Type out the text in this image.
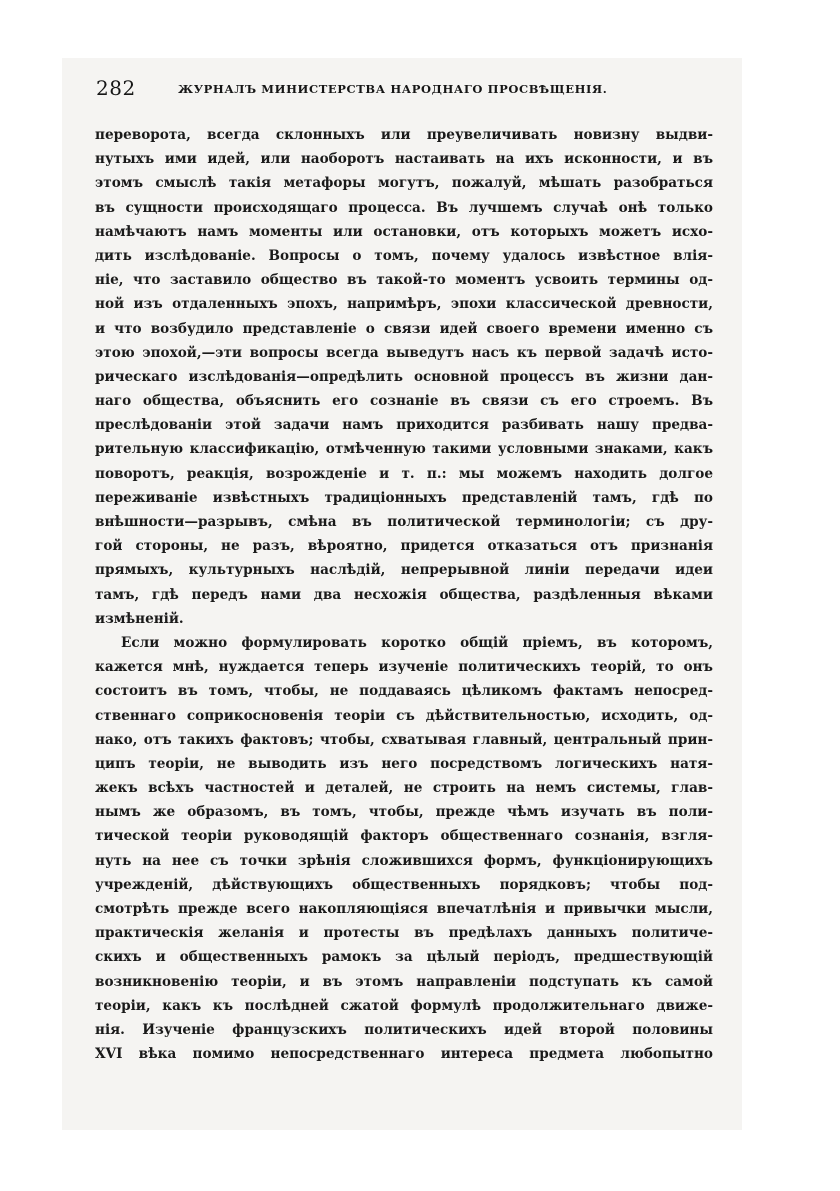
282	ЖУРНАЛЪ МИНИСТЕРСТВА НАРОДНАГО ПРОСВѢЩЕНІЯ.
переворота, всегда склонныхъ или преувеличивать новизну выдви-
нутыхъ ими идей, или наоборотъ настаивать на ихъ исконности, и въ
этомъ смыслѣ такія метафоры могутъ, пожалуй, мѣшать разобраться
въ сущности происходящаго процесса. Въ лучшемъ случаѣ онѣ только
намѣчаютъ намъ моменты или остановки, отъ которыхъ можетъ исхо-
дить изслѣдованіе. Вопросы о томъ, почему удалось извѣстное влія-
ніе, что заставило общество въ такой-то моментъ усвоить термины од-
ной изъ отдаленныхъ эпохъ, напримѣръ, эпохи классической древности,
и что возбудило представленіе о связи идей своего времени именно съ
этою эпохой,—эти вопросы всегда выведутъ насъ къ первой задачѣ исто-
рическаго изслѣдованія—опредѣлить основной процессъ въ жизни дан-
наго общества, объяснить его сознаніе въ связи съ его строемъ. Въ
преслѣдованіи этой задачи намъ приходится разбивать нашу предва-
рительную классификацію, отмѣченную такими условными знаками, какъ
поворотъ, реакція, возрожденіе и т. п.: мы можемъ находить долгое
переживаніе извѣстныхъ традиціонныхъ представленій тамъ, гдѣ по
внѣшности—разрывъ, смѣна въ политической терминологіи; съ дру-
гой стороны, не разъ, вѣроятно, придется отказаться отъ признанія
прямыхъ, культурныхъ наслѣдій, непрерывной линіи передачи идеи
тамъ, гдѣ передъ нами два несхожія общества, раздѣленныя вѣками
измѣненій.
Если можно формулировать коротко общій пріемъ, въ которомъ,
кажется мнѣ, нуждается теперь изученіе политическихъ теорій, то онъ
состоитъ въ томъ, чтобы, не поддаваясь цѣликомъ фактамъ непосред-
ственнаго соприкосновенія теоріи съ дѣйствительностью, исходить, од-
нако, отъ такихъ фактовъ; чтобы, схватывая главный, центральный прин-
ципъ теоріи, не выводить изъ него посредствомъ логическихъ натя-
жекъ всѣхъ частностей и деталей, не строить на немъ системы, глав-
нымъ же образомъ, въ томъ, чтобы, прежде чѣмъ изучать въ поли-
тической теоріи руководящій факторъ общественнаго сознанія, взгля-
нуть на нее съ точки зрѣнія сложившихся формъ, функціонирующихъ
учрежденій, дѣйствующихъ общественныхъ порядковъ; чтобы под-
смотрѣть прежде всего накопляющіяся впечатлѣнія и привычки мысли,
практическія желанія и протесты въ предѣлахъ данныхъ политиче-
скихъ и общественныхъ рамокъ за цѣлый періодъ, предшествующій
возникновенію теоріи, и въ этомъ направленіи подступать къ самой
теоріи, какъ къ послѣдней сжатой формулѣ продолжительнаго движе-
нія. Изученіе французскихъ политическихъ идей второй половины
XVI вѣка помимо непосредственнаго интереса предмета любопытно
